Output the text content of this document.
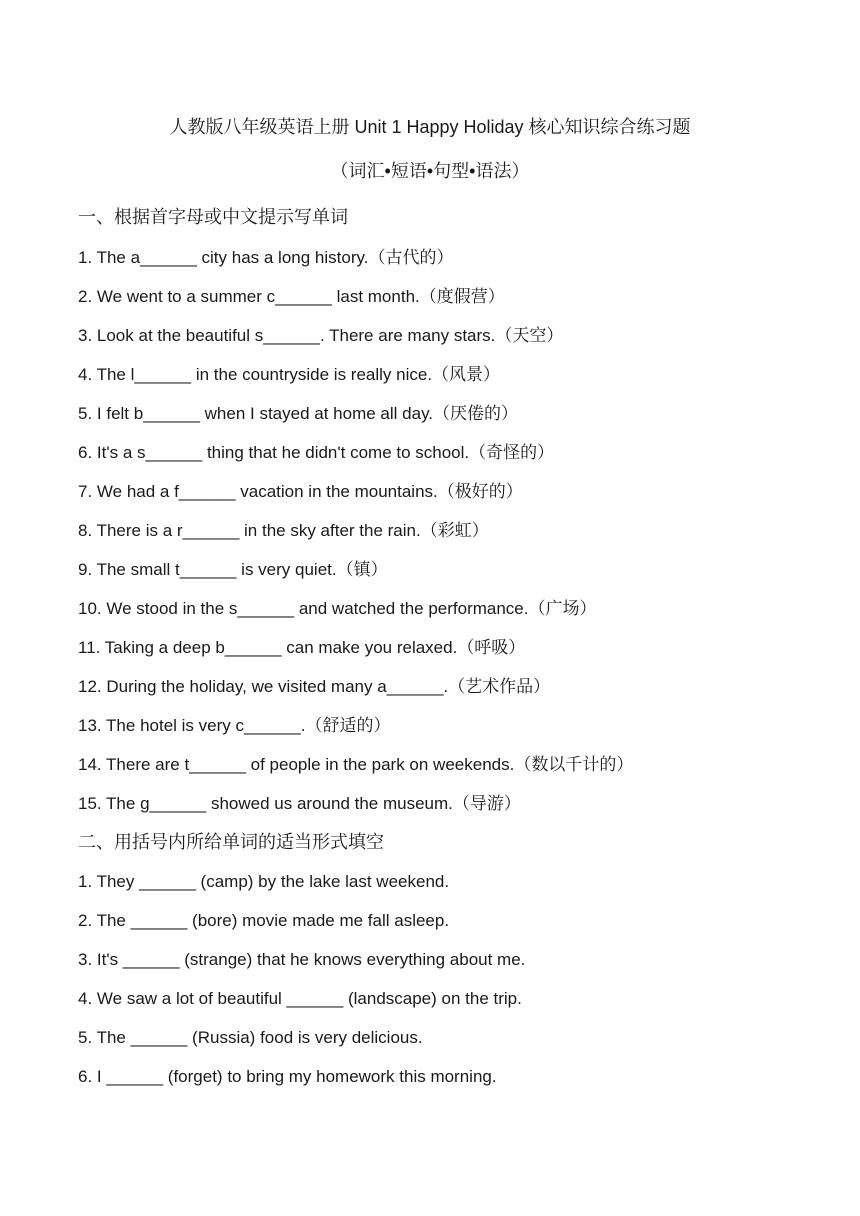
人教版八年级英语上册 Unit 1 Happy Holiday 核心知识综合练习题
（词汇•短语•句型•语法）
一、根据首字母或中文提示写单词
1. The a______ city has a long history.（古代的）
2. We went to a summer c______ last month.（度假营）
3. Look at the beautiful s______. There are many stars.（天空）
4. The l______ in the countryside is really nice.（风景）
5. I felt b______ when I stayed at home all day.（厌倦的）
6. It's a s______ thing that he didn't come to school.（奇怪的）
7. We had a f______ vacation in the mountains.（极好的）
8. There is a r______ in the sky after the rain.（彩虹）
9. The small t______ is very quiet.（镇）
10. We stood in the s______ and watched the performance.（广场）
11. Taking a deep b______ can make you relaxed.（呼吸）
12. During the holiday, we visited many a______.（艺术作品）
13. The hotel is very c______.（舒适的）
14. There are t______ of people in the park on weekends.（数以千计的）
15. The g______ showed us around the museum.（导游）
二、用括号内所给单词的适当形式填空
1. They ______ (camp) by the lake last weekend.
2. The ______ (bore) movie made me fall asleep.
3. It's ______ (strange) that he knows everything about me.
4. We saw a lot of beautiful ______ (landscape) on the trip.
5. The ______ (Russia) food is very delicious.
6. I ______ (forget) to bring my homework this morning.
